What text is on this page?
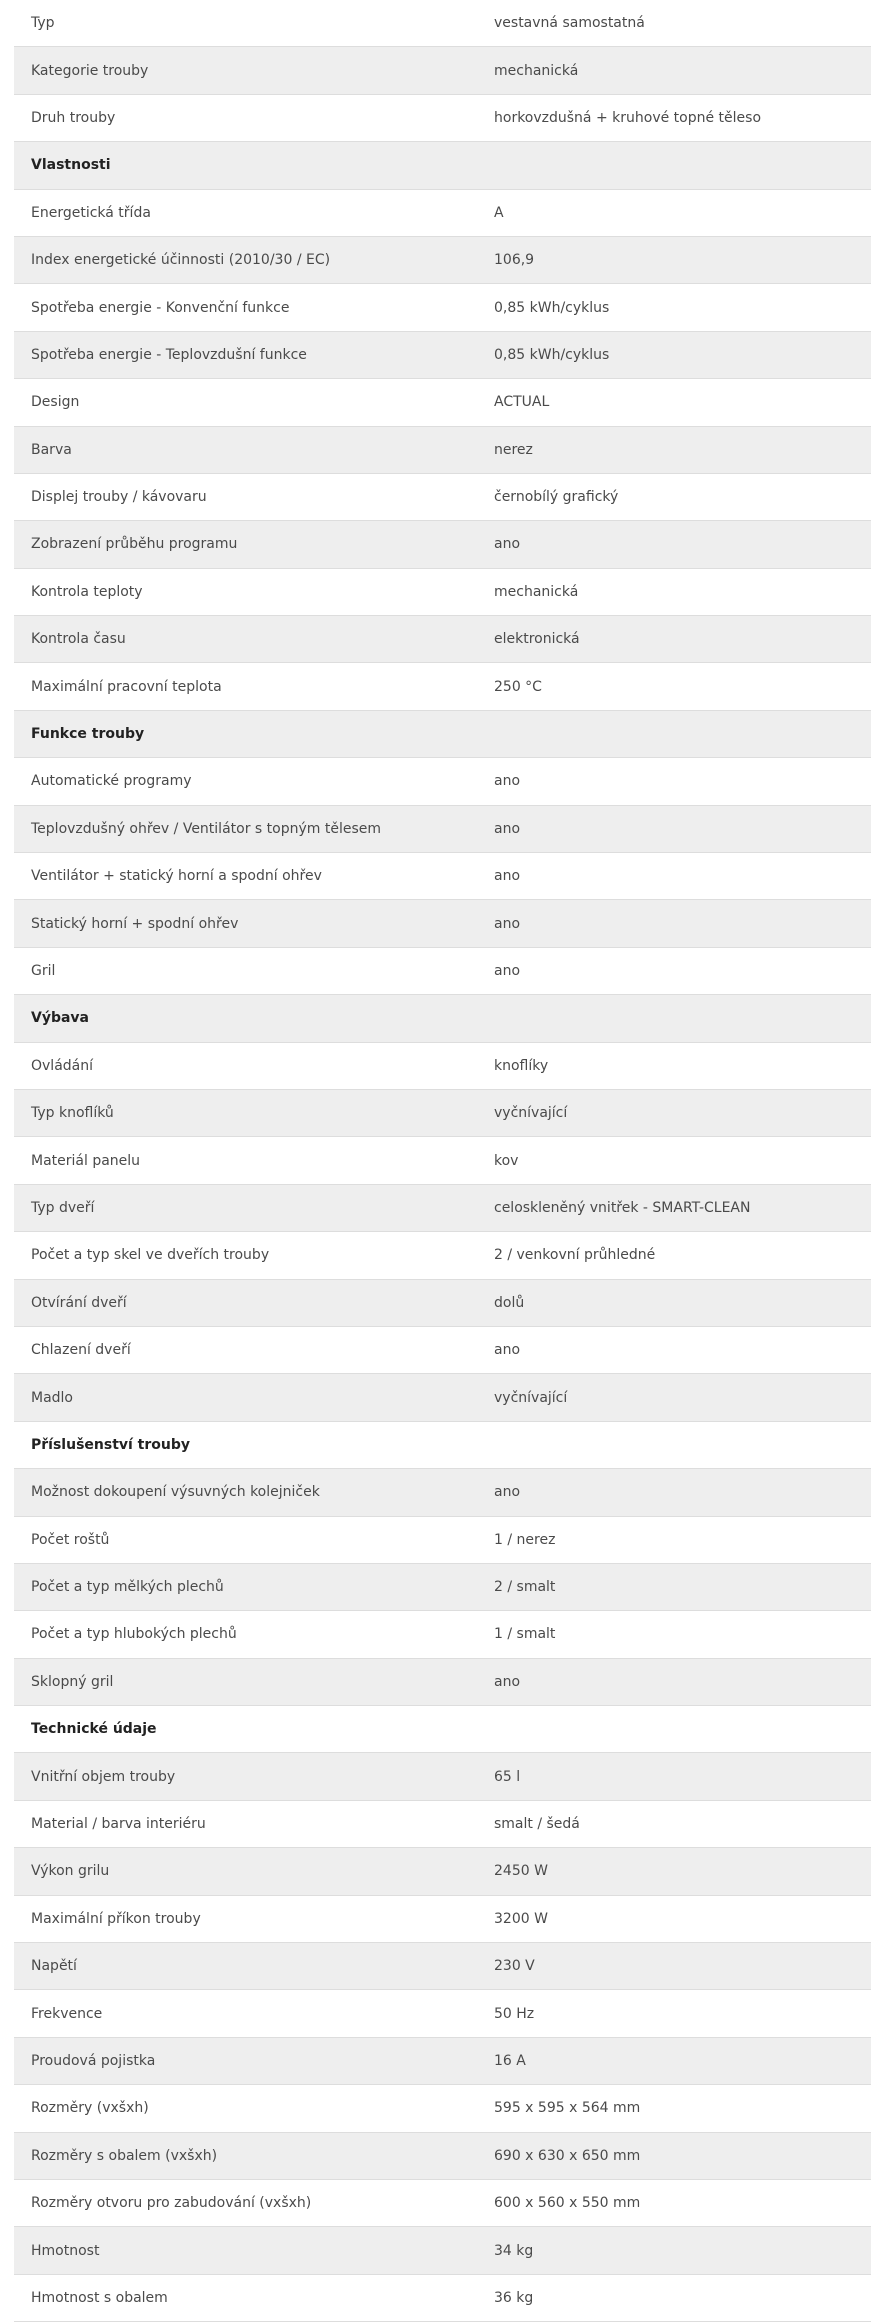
Typ	vestavná samostatná
Kategorie trouby	mechanická
Druh trouby	horkovzdušná + kruhové topné těleso
Vlastnosti
Energetická třída	A
Index energetické účinnosti (2010/30 / EC)	106,9
Spotřeba energie - Konvenční funkce	0,85 kWh/cyklus
Spotřeba energie - Teplovzdušní funkce	0,85 kWh/cyklus
Design	ACTUAL
Barva	nerez
Displej trouby / kávovaru	černobílý grafický
Zobrazení průběhu programu	ano
Kontrola teploty	mechanická
Kontrola času	elektronická
Maximální pracovní teplota	250 °C
Funkce trouby
Automatické programy	ano
Teplovzdušný ohřev / Ventilátor s topným tělesem	ano
Ventilátor + statický horní a spodní ohřev	ano
Statický horní + spodní ohřev	ano
Gril	ano
Výbava
Ovládání	knoflíky
Typ knoflíků	vyčnívající
Materiál panelu	kov
Typ dveří	celoskleněný vnitřek - SMART-CLEAN
Počet a typ skel ve dveřích trouby	2 / venkovní průhledné
Otvírání dveří	dolů
Chlazení dveří	ano
Madlo	vyčnívající
Příslušenství trouby
Možnost dokoupení výsuvných kolejniček	ano
Počet roštů	1 / nerez
Počet a typ mělkých plechů	2 / smalt
Počet a typ hlubokých plechů	1 / smalt
Sklopný gril	ano
Technické údaje
Vnitřní objem trouby	65 l
Material / barva interiéru	smalt / šedá
Výkon grilu	2450 W
Maximální příkon trouby	3200 W
Napětí	230 V
Frekvence	50 Hz
Proudová pojistka	16 A
Rozměry (vxšxh)	595 x 595 x 564 mm
Rozměry s obalem (vxšxh)	690 x 630 x 650 mm
Rozměry otvoru pro zabudování (vxšxh)	600 x 560 x 550 mm
Hmotnost	34 kg
Hmotnost s obalem	36 kg
